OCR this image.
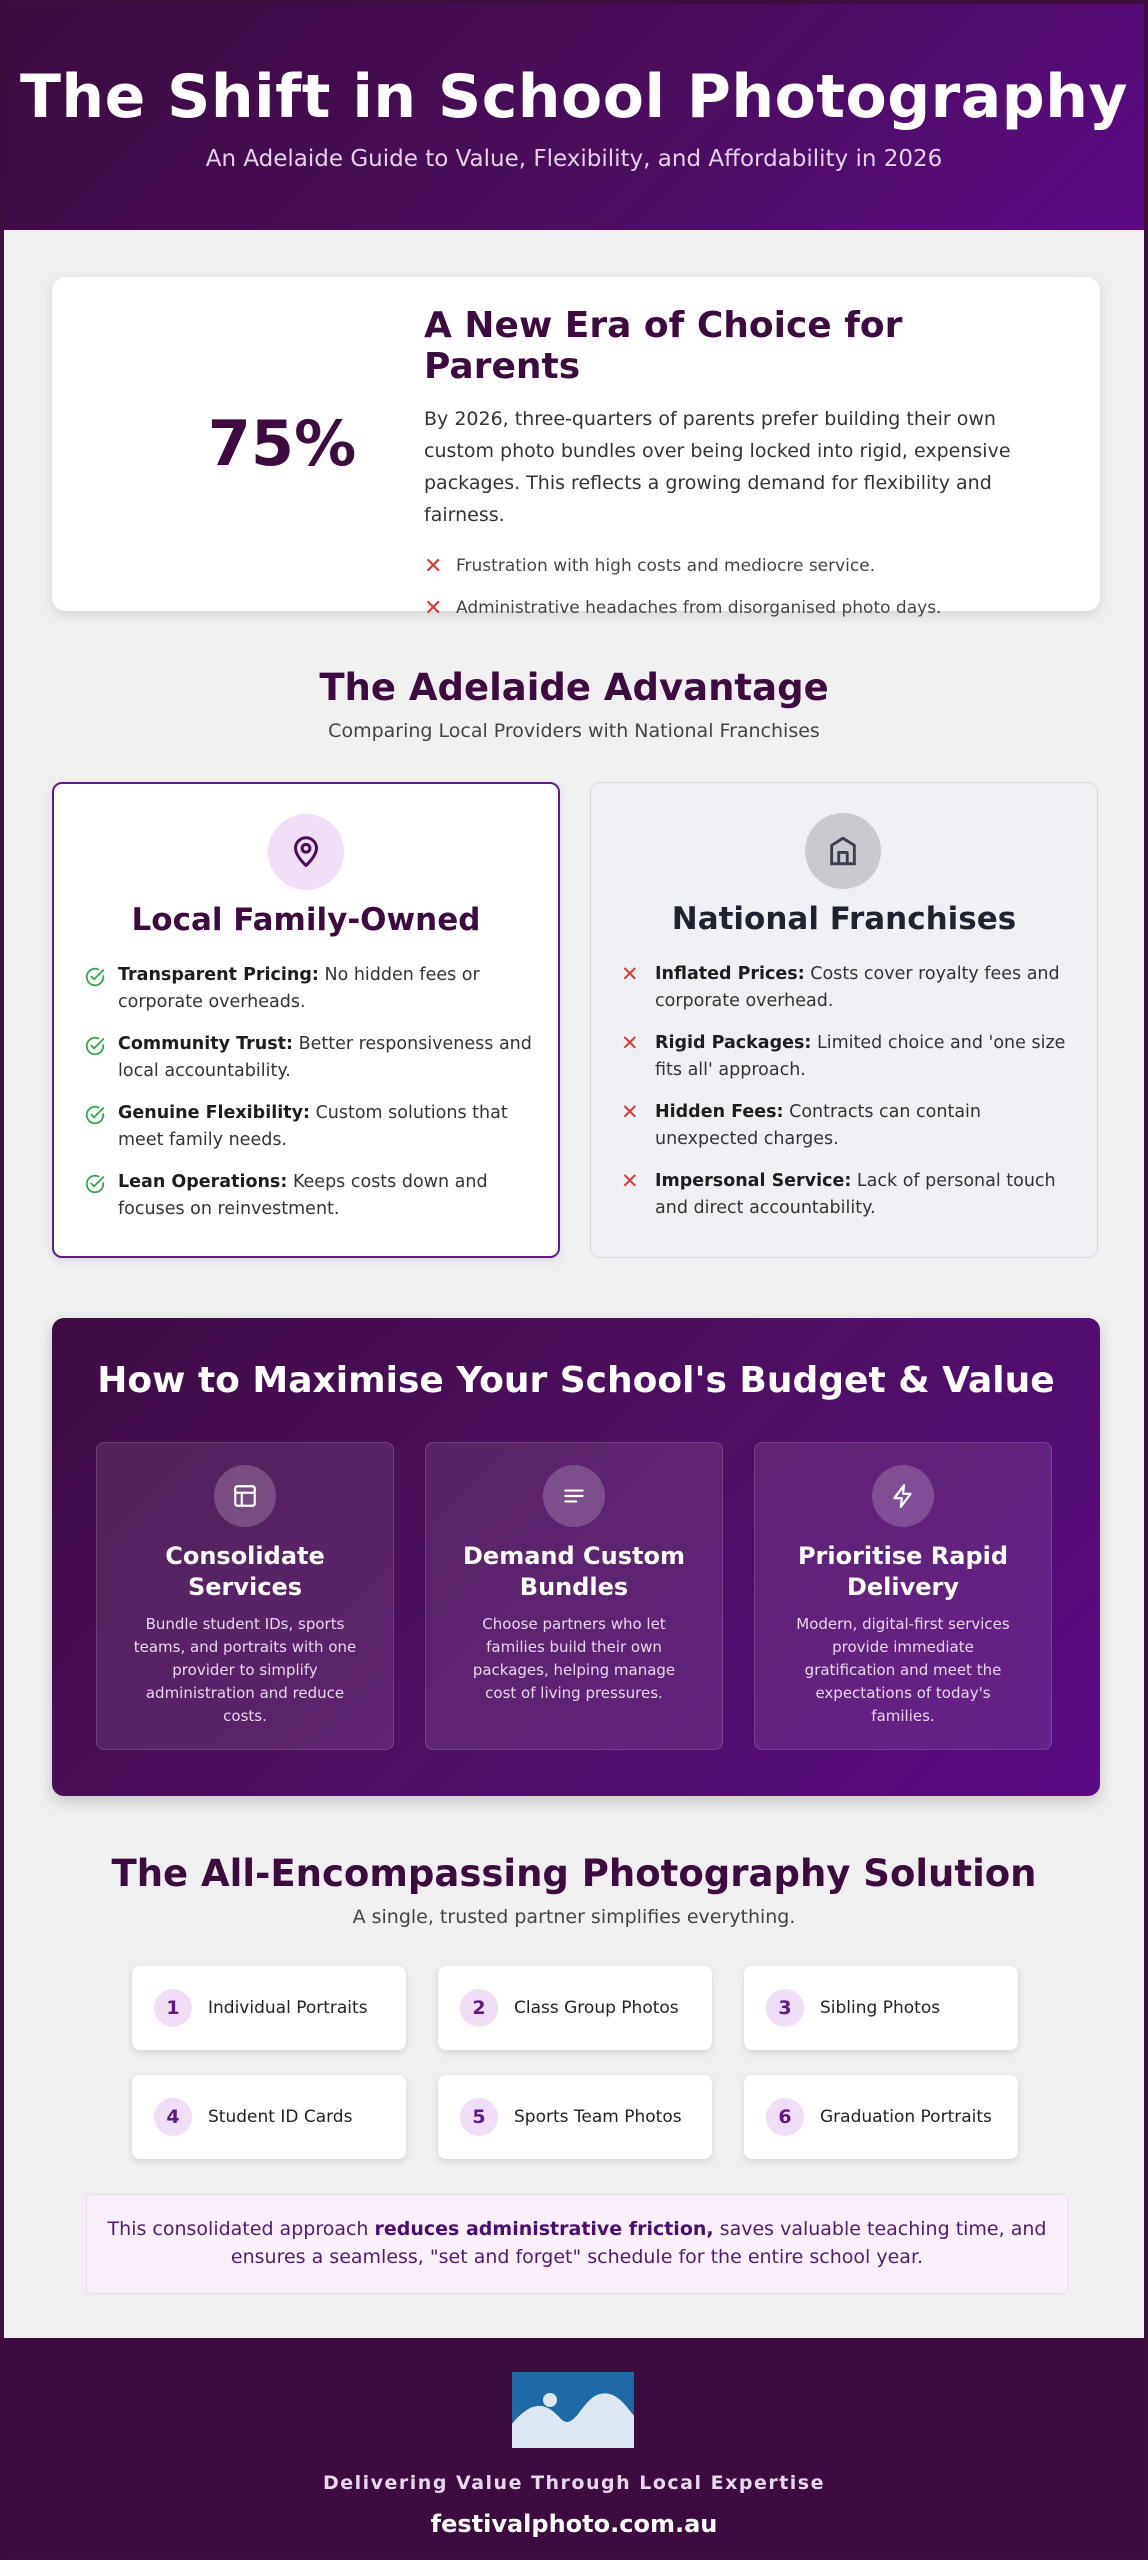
The Shift in School Photography

An Adelaide Guide to Value, Flexibility, and Affordability in 2026

75%
A New Era of Choice for Parents

By 2026, three-quarters of parents prefer building their own custom photo bundles over being locked into rigid, expensive packages. This reflects a growing demand for flexibility and fairness.

✕ Frustration with high costs and mediocre service.
✕ Administrative headaches from disorganised photo days.
The Adelaide Advantage

Comparing Local Providers with National Franchises

Local Family-Owned
Transparent Pricing: No hidden fees or corporate overheads.
Community Trust: Better responsiveness and local accountability.
Genuine Flexibility: Custom solutions that meet family needs.
Lean Operations: Keeps costs down and focuses on reinvestment.
National Franchises
✕ Inflated Prices: Costs cover royalty fees and corporate overhead.
✕ Rigid Packages: Limited choice and 'one size fits all' approach.
✕ Hidden Fees: Contracts can contain unexpected charges.
✕ Impersonal Service: Lack of personal touch and direct accountability.
How to Maximise Your School's Budget & Value
Consolidate Services

Bundle student IDs, sports teams, and portraits with one provider to simplify administration and reduce costs.

Demand Custom Bundles

Choose partners who let families build their own packages, helping manage cost of living pressures.

Prioritise Rapid Delivery

Modern, digital-first services provide immediate gratification and meet the expectations of today's families.

The All-Encompassing Photography Solution

A single, trusted partner simplifies everything.

1	Individual Portraits	2	Class Group Photos	3	Sibling Photos
4	Student ID Cards	5	Sports Team Photos	6	Graduation Portraits
This consolidated approach reduces administrative friction, saves valuable teaching time, and ensures a seamless, "set and forget" schedule for the entire school year.
Delivering Value Through Local Expertise
festivalphoto.com.au
